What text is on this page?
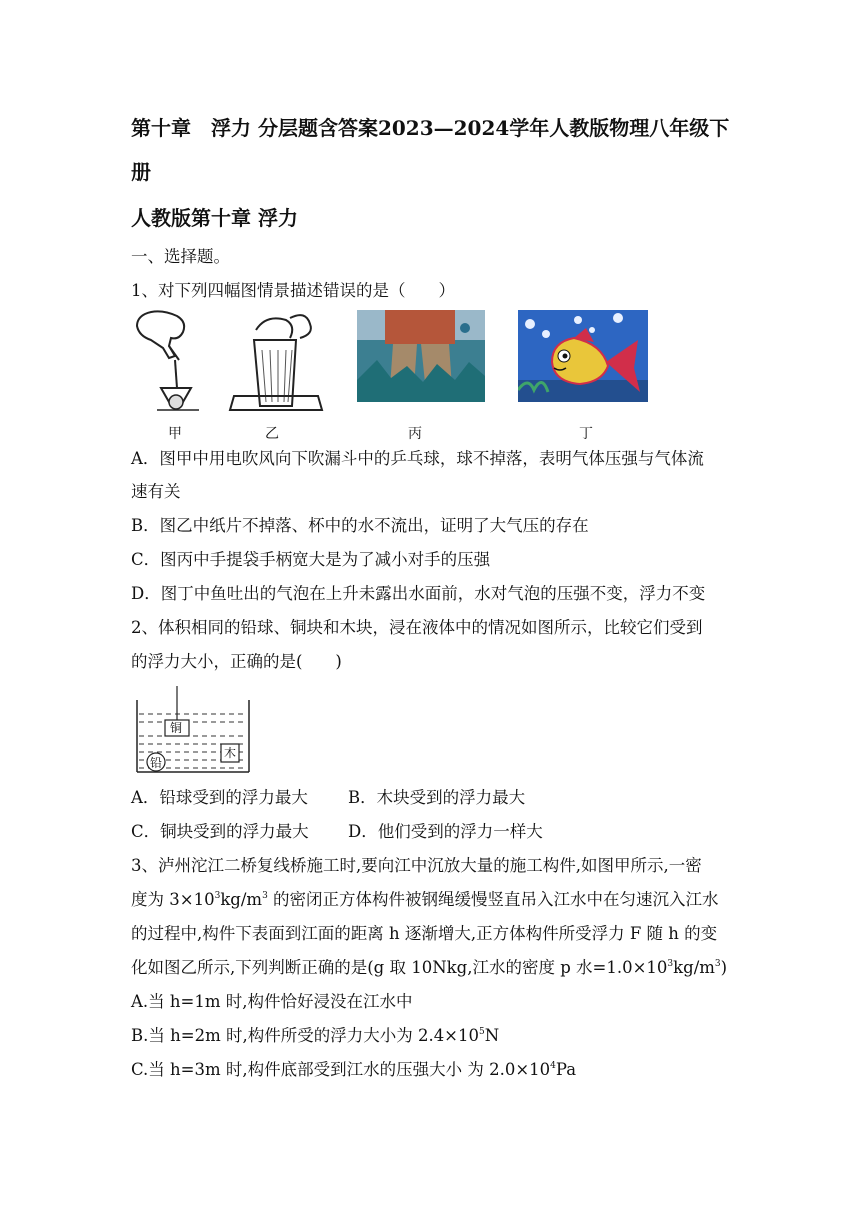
第十章　浮力 分层题含答案2023—2024学年人教版物理八年级下
册
人教版第十章 浮力
一、选择题。
1、对下列四幅图情景描述错误的是（　　）
甲	乙	丙	丁
A．图甲中用电吹风向下吹漏斗中的乒乓球，球不掉落，表明气体压强与气体流
速有关
B．图乙中纸片不掉落、杯中的水不流出，证明了大气压的存在
C．图丙中手提袋手柄宽大是为了减小对手的压强
D．图丁中鱼吐出的气泡在上升未露出水面前，水对气泡的压强不变，浮力不变
2、体积相同的铅球、铜块和木块，浸在液体中的情况如图所示，比较它们受到
的浮力大小，正确的是(　　)
铜
木
铅
A．铅球受到的浮力最大 B．木块受到的浮力最大
C．铜块受到的浮力最大 D．他们受到的浮力一样大
3、泸州沱江二桥复线桥施工时,要向江中沉放大量的施工构件,如图甲所示,一密
度为 $3\times 10^3kg/m^3$ 的密闭正方体构件被钢绳缓慢竖直吊入江水中在匀速沉入江水
的过程中,构件下表面到江面的距离 h 逐渐增大,正方体构件所受浮力 F 随 h 的变
化如图乙所示,下列判断正确的是(g 取 10Nkg,江水的密度 p 水$=1.0\times 10^3kg/m^3$)
A.当 h=1m 时,构件恰好浸没在江水中
B.当 h=2m 时,构件所受的浮力大小为 $2.4\times 10^5N$
C.当 h=3m 时,构件底部受到江水的压强大小 为 $2.0\times 10^4Pa$
